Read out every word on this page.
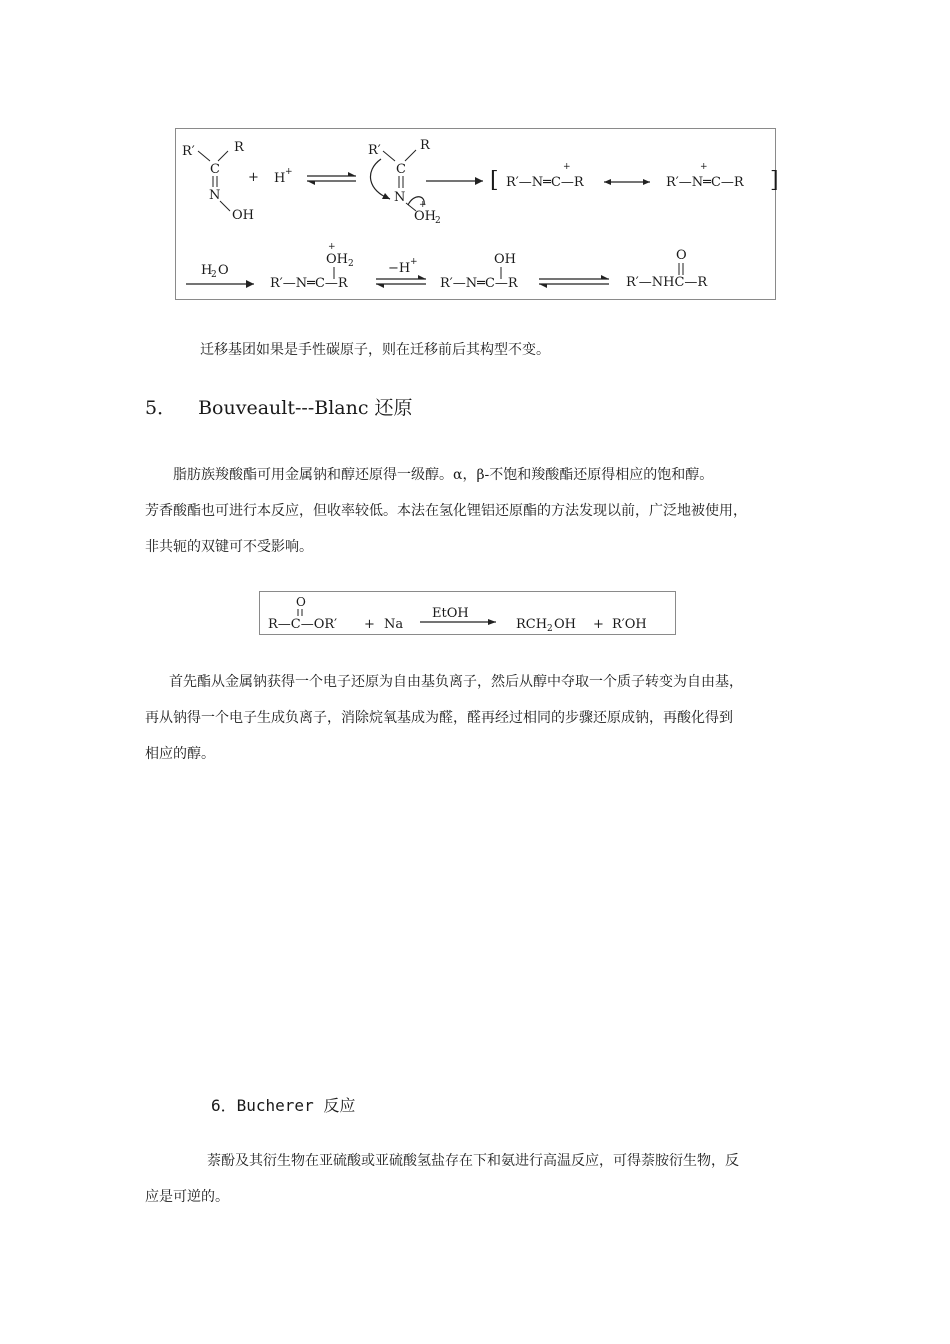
R′	R
C
N
OH
+ H +
R′	R
C
N
OH 2
+
[ R′—N═C—R
+
R′—N═C—R
+
]
H
2 O
+
OH 2
R′—N═C—R
−H +	OH
R′—N═C—R
O
R′—NHC—R
迁移基团如果是手性碳原子，则在迁移前后其构型不变。
5． Bouveault---Blanc 还原
脂肪族羧酸酯可用金属钠和醇还原得一级醇。α，β-不饱和羧酸酯还原得相应的饱和醇。
芳香酸酯也可进行本反应，但收率较低。本法在氢化锂铝还原酯的方法发现以前，广泛地被使用，
非共轭的双键可不受影响。
O
R—C—OR′ + Na
EtOH
RCH 2 OH + R′OH
首先酯从金属钠获得一个电子还原为自由基负离子，然后从醇中夺取一个质子转变为自由基，
再从钠得一个电子生成负离子，消除烷氧基成为醛，醛再经过相同的步骤还原成钠，再酸化得到
相应的醇。
6．Bucherer 反应
萘酚及其衍生物在亚硫酸或亚硫酸氢盐存在下和氨进行高温反应，可得萘胺衍生物，反
应是可逆的。
